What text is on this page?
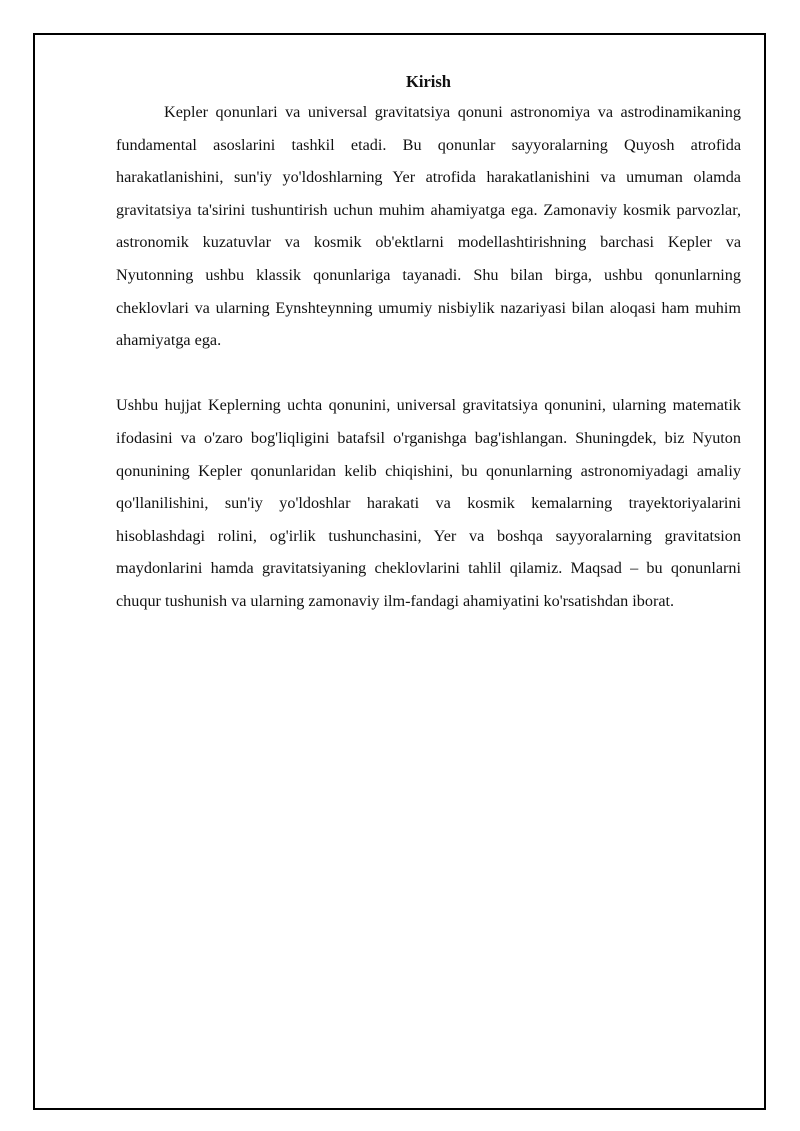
Kirish

Kepler qonunlari va universal gravitatsiya qonuni astronomiya va astrodinamikaning fundamental asoslarini tashkil etadi. Bu qonunlar sayyoralarning Quyosh atrofida harakatlanishini, sun'iy yo'ldoshlarning Yer atrofida harakatlanishini va umuman olamda gravitatsiya ta'sirini tushuntirish uchun muhim ahamiyatga ega. Zamonaviy kosmik parvozlar, astronomik kuzatuvlar va kosmik ob'ektlarni modellashtirishning barchasi Kepler va Nyutonning ushbu klassik qonunlariga tayanadi. Shu bilan birga, ushbu qonunlarning cheklovlari va ularning Eynshteynning umumiy nisbiylik nazariyasi bilan aloqasi ham muhim ahamiyatga ega.

Ushbu hujjat Keplerning uchta qonunini, universal gravitatsiya qonunini, ularning matematik ifodasini va o'zaro bog'liqligini batafsil o'rganishga bag'ishlangan. Shuningdek, biz Nyuton qonunining Kepler qonunlaridan kelib chiqishini, bu qonunlarning astronomiyadagi amaliy qo'llanilishini, sun'iy yo'ldoshlar harakati va kosmik kemalarning trayektoriyalarini hisoblashdagi rolini, og'irlik tushunchasini, Yer va boshqa sayyoralarning gravitatsion maydonlarini hamda gravitatsiyaning cheklovlarini tahlil qilamiz. Maqsad – bu qonunlarni chuqur tushunish va ularning zamonaviy ilm-fandagi ahamiyatini ko'rsatishdan iborat.
